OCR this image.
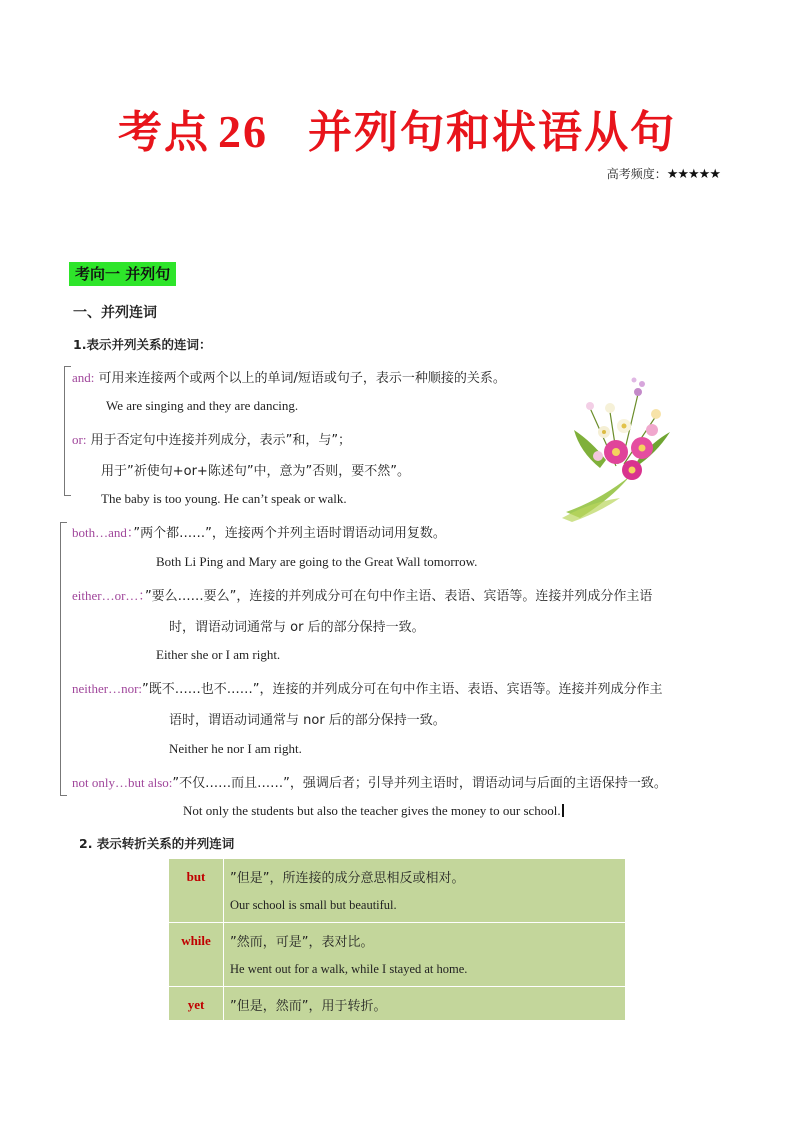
考点 26 并列句和状语从句
高考频度：★★★★★
考向一 并列句
一、并列连词
1.表示并列关系的连词：
and: 可用来连接两个或两个以上的单词/短语或句子，表示一种顺接的关系。
We are singing and they are dancing.
or: 用于否定句中连接并列成分，表示”和，与”；
用于”祈使句+or+陈述句”中，意为”否则，要不然”。
The baby is too young. He can’t speak or walk.
both…and：”两个都……”，连接两个并列主语时谓语动词用复数。
Both Li Ping and Mary are going to the Great Wall tomorrow.
either…or…：”要么……要么”，连接的并列成分可在句中作主语、表语、宾语等。连接并列成分作主语
时，谓语动词通常与 or 后的部分保持一致。
Either she or I am right.
neither…nor:”既不……也不……”，连接的并列成分可在句中作主语、表语、宾语等。连接并列成分作主
语时，谓语动词通常与 nor 后的部分保持一致。
Neither he nor I am right.
not only…but also:”不仅……而且……”，强调后者；引导并列主语时，谓语动词与后面的主语保持一致。
Not only the students but also the teacher gives the money to our school.
2. 表示转折关系的并列连词
but	”但是”，所连接的成分意思相反或相对。
Our school is small but beautiful.

while	”然而，可是”，表对比。
He went out for a walk, while I stayed at home.

yet	”但是，然而”，用于转折。
